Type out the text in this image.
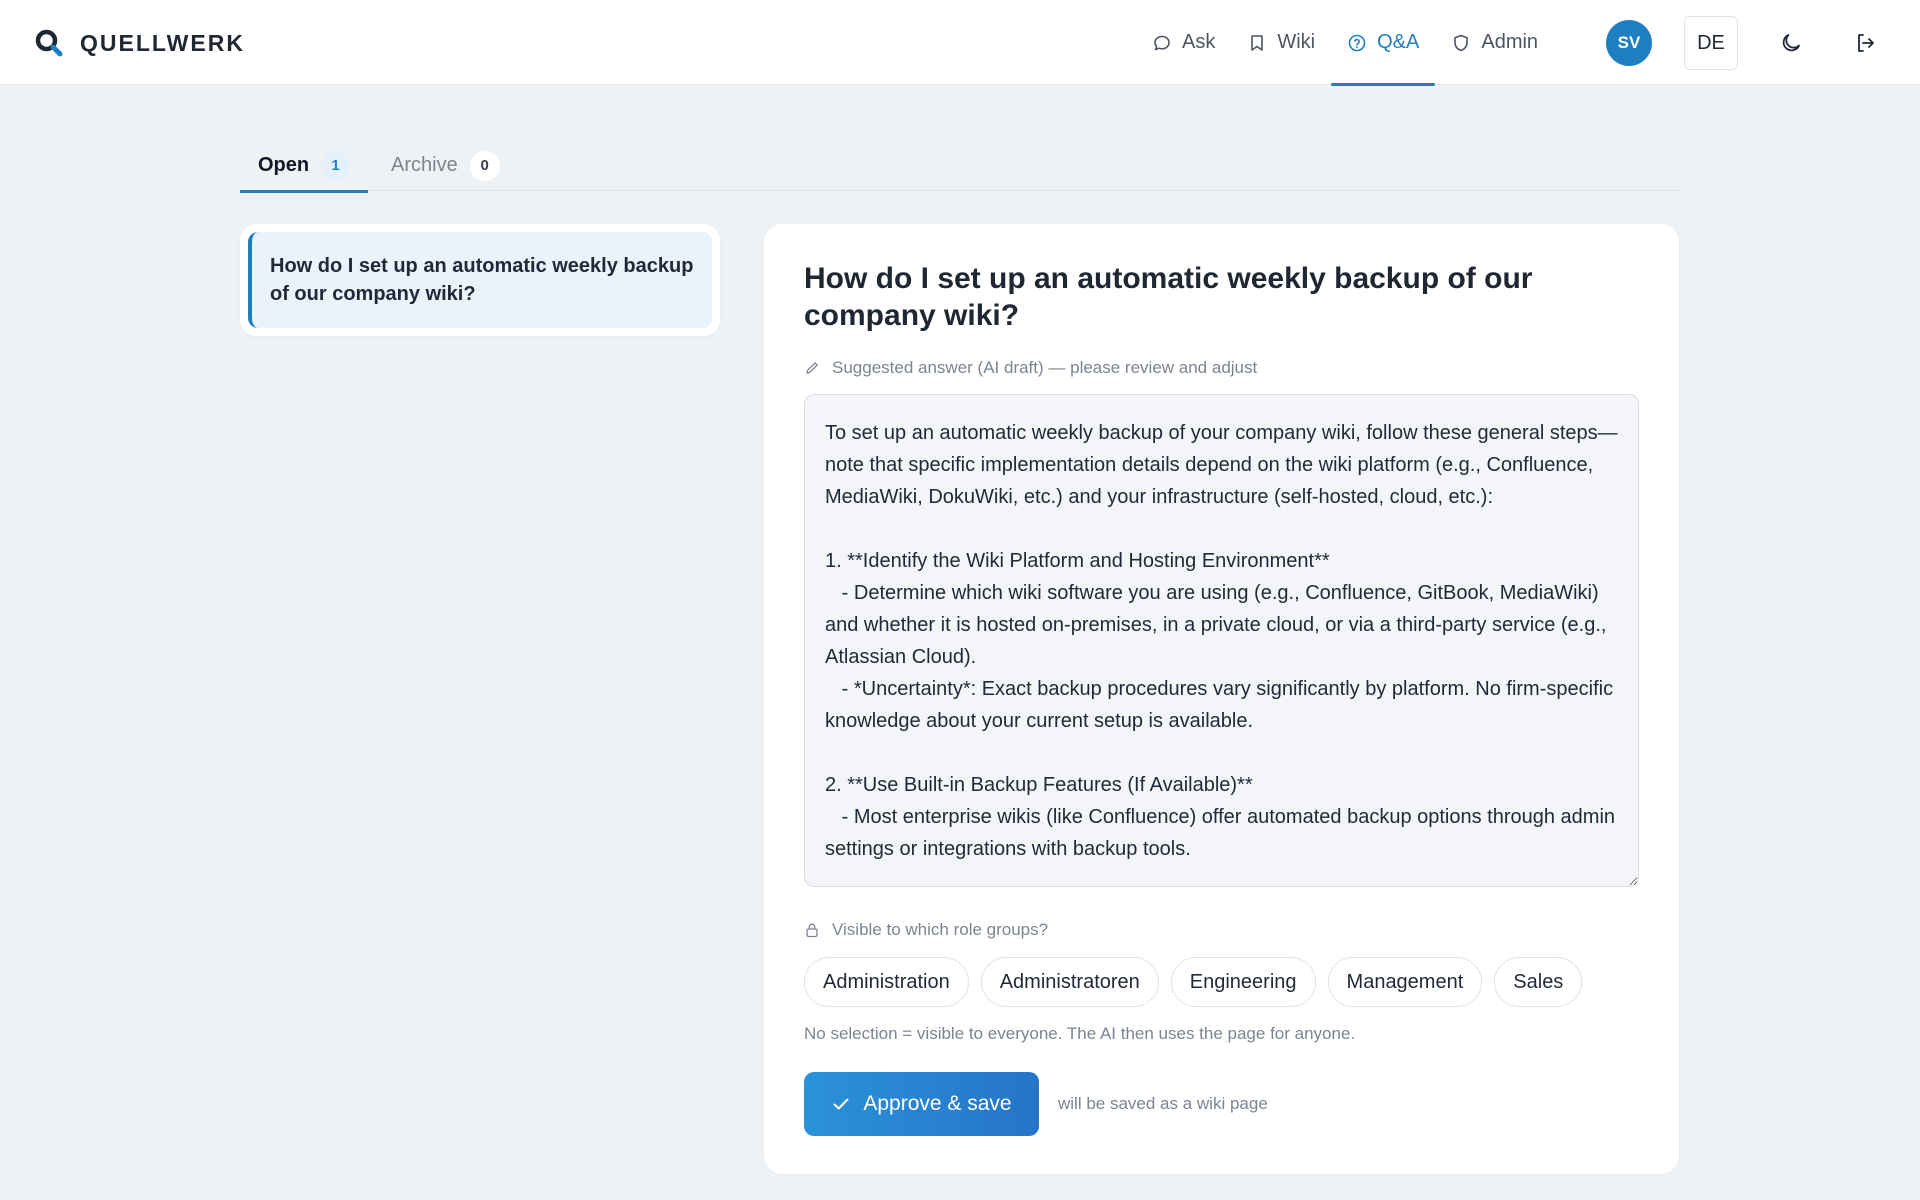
QUELLWERK	Ask	Wiki	Q&A	Admin	SV	DE
Open	1	Archive	0
How do I set up an automatic weekly backup of our company wiki?	How do I set up an automatic weekly backup of our company wiki?
Suggested answer (AI draft) — please review and adjust
To set up an automatic weekly backup of your company wiki, follow these general steps—note that specific implementation details depend on the wiki platform (e.g., Confluence, MediaWiki, DokuWiki, etc.) and your infrastructure (self-hosted, cloud, etc.): 1. **Identify the Wiki Platform and Hosting Environment** - Determine which wiki software you are using (e.g., Confluence, GitBook, MediaWiki) and whether it is hosted on-premises, in a private cloud, or via a third-party service (e.g., Atlassian Cloud). - *Uncertainty*: Exact backup procedures vary significantly by platform. No firm-specific knowledge about your current setup is available. 2. **Use Built-in Backup Features (If Available)** - Most enterprise wikis (like Confluence) offer automated backup options through admin settings or integrations with backup tools.
Visible to which role groups?
Administration	Administratoren	Engineering	Management	Sales
No selection = visible to everyone. The AI then uses the page for anyone.
Approve & save	will be saved as a wiki page
